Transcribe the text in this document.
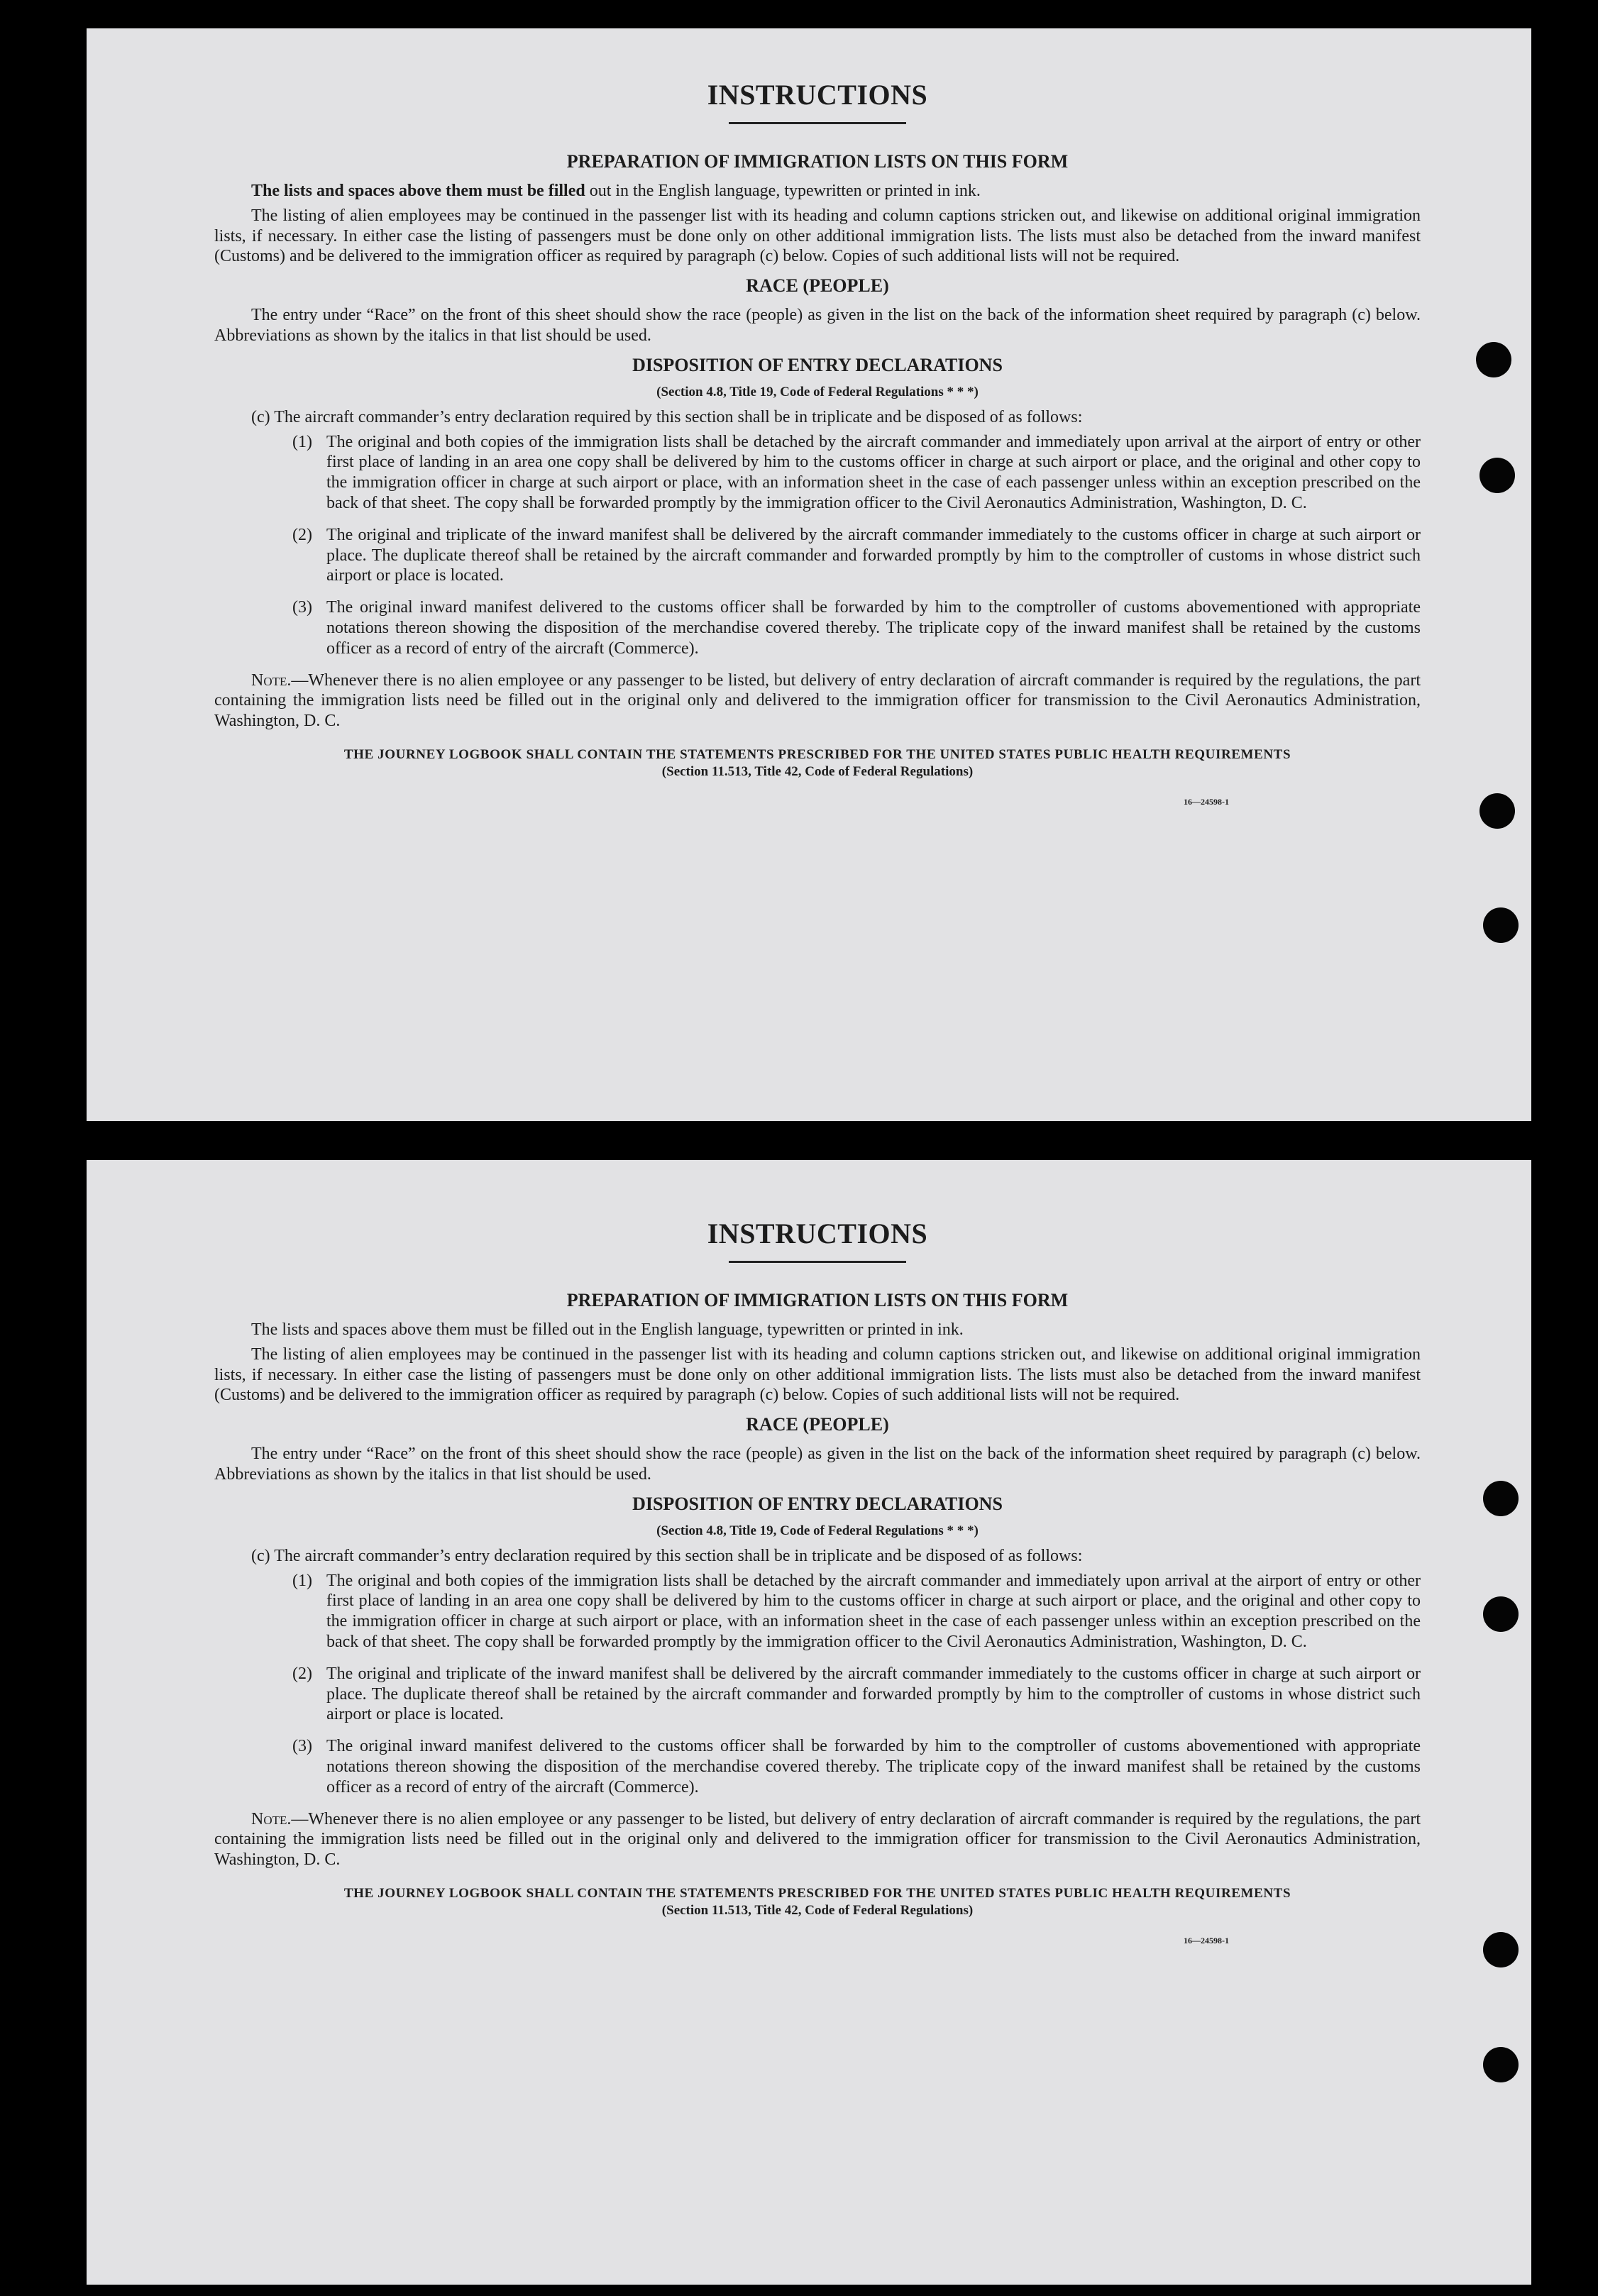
INSTRUCTIONS
PREPARATION OF IMMIGRATION LISTS ON THIS FORM

The lists and spaces above them must be filled out in the English language, typewritten or printed in ink.

The listing of alien employees may be continued in the passenger list with its heading and column captions stricken out, and likewise on additional original immigration lists, if necessary. In either case the listing of passengers must be done only on other additional immigration lists. The lists must also be detached from the inward manifest (Customs) and be delivered to the immigration officer as required by paragraph (c) below. Copies of such additional lists will not be required.

RACE (PEOPLE)

The entry under “Race” on the front of this sheet should show the race (people) as given in the list on the back of the information sheet required by paragraph (c) below. Abbreviations as shown by the italics in that list should be used.

DISPOSITION OF ENTRY DECLARATIONS
(Section 4.8, Title 19, Code of Federal Regulations * * *)

(c) The aircraft commander’s entry declaration required by this section shall be in triplicate and be disposed of as follows:

(1) The original and both copies of the immigration lists shall be detached by the aircraft commander and immediately upon arrival at the airport of entry or other first place of landing in an area one copy shall be delivered by him to the customs officer in charge at such airport or place, and the original and other copy to the immigration officer in charge at such airport or place, with an information sheet in the case of each passenger unless within an exception prescribed on the back of that sheet. The copy shall be forwarded promptly by the immigration officer to the Civil Aeronautics Administration, Washington, D. C.
(2) The original and triplicate of the inward manifest shall be delivered by the aircraft commander immediately to the customs officer in charge at such airport or place. The duplicate thereof shall be retained by the aircraft commander and forwarded promptly by him to the comptroller of customs in whose district such airport or place is located.
(3) The original inward manifest delivered to the customs officer shall be forwarded by him to the comptroller of customs abovementioned with appropriate notations thereon showing the disposition of the merchandise covered thereby. The triplicate copy of the inward manifest shall be retained by the customs officer as a record of entry of the aircraft (Commerce).

Note.—Whenever there is no alien employee or any passenger to be listed, but delivery of entry declaration of aircraft commander is required by the regulations, the part containing the immigration lists need be filled out in the original only and delivered to the immigration officer for transmission to the Civil Aeronautics Administration, Washington, D. C.

THE JOURNEY LOGBOOK SHALL CONTAIN THE STATEMENTS PRESCRIBED FOR THE UNITED STATES PUBLIC HEALTH REQUIREMENTS
(Section 11.513, Title 42, Code of Federal Regulations)
16—24598-1
INSTRUCTIONS
PREPARATION OF IMMIGRATION LISTS ON THIS FORM

The lists and spaces above them must be filled out in the English language, typewritten or printed in ink.

The listing of alien employees may be continued in the passenger list with its heading and column captions stricken out, and likewise on additional original immigration lists, if necessary. In either case the listing of passengers must be done only on other additional immigration lists. The lists must also be detached from the inward manifest (Customs) and be delivered to the immigration officer as required by paragraph (c) below. Copies of such additional lists will not be required.

RACE (PEOPLE)

The entry under “Race” on the front of this sheet should show the race (people) as given in the list on the back of the information sheet required by paragraph (c) below. Abbreviations as shown by the italics in that list should be used.

DISPOSITION OF ENTRY DECLARATIONS
(Section 4.8, Title 19, Code of Federal Regulations * * *)

(c) The aircraft commander’s entry declaration required by this section shall be in triplicate and be disposed of as follows:

(1) The original and both copies of the immigration lists shall be detached by the aircraft commander and immediately upon arrival at the airport of entry or other first place of landing in an area one copy shall be delivered by him to the customs officer in charge at such airport or place, and the original and other copy to the immigration officer in charge at such airport or place, with an information sheet in the case of each passenger unless within an exception prescribed on the back of that sheet. The copy shall be forwarded promptly by the immigration officer to the Civil Aeronautics Administration, Washington, D. C.
(2) The original and triplicate of the inward manifest shall be delivered by the aircraft commander immediately to the customs officer in charge at such airport or place. The duplicate thereof shall be retained by the aircraft commander and forwarded promptly by him to the comptroller of customs in whose district such airport or place is located.
(3) The original inward manifest delivered to the customs officer shall be forwarded by him to the comptroller of customs abovementioned with appropriate notations thereon showing the disposition of the merchandise covered thereby. The triplicate copy of the inward manifest shall be retained by the customs officer as a record of entry of the aircraft (Commerce).

Note.—Whenever there is no alien employee or any passenger to be listed, but delivery of entry declaration of aircraft commander is required by the regulations, the part containing the immigration lists need be filled out in the original only and delivered to the immigration officer for transmission to the Civil Aeronautics Administration, Washington, D. C.

THE JOURNEY LOGBOOK SHALL CONTAIN THE STATEMENTS PRESCRIBED FOR THE UNITED STATES PUBLIC HEALTH REQUIREMENTS
(Section 11.513, Title 42, Code of Federal Regulations)
16—24598-1
